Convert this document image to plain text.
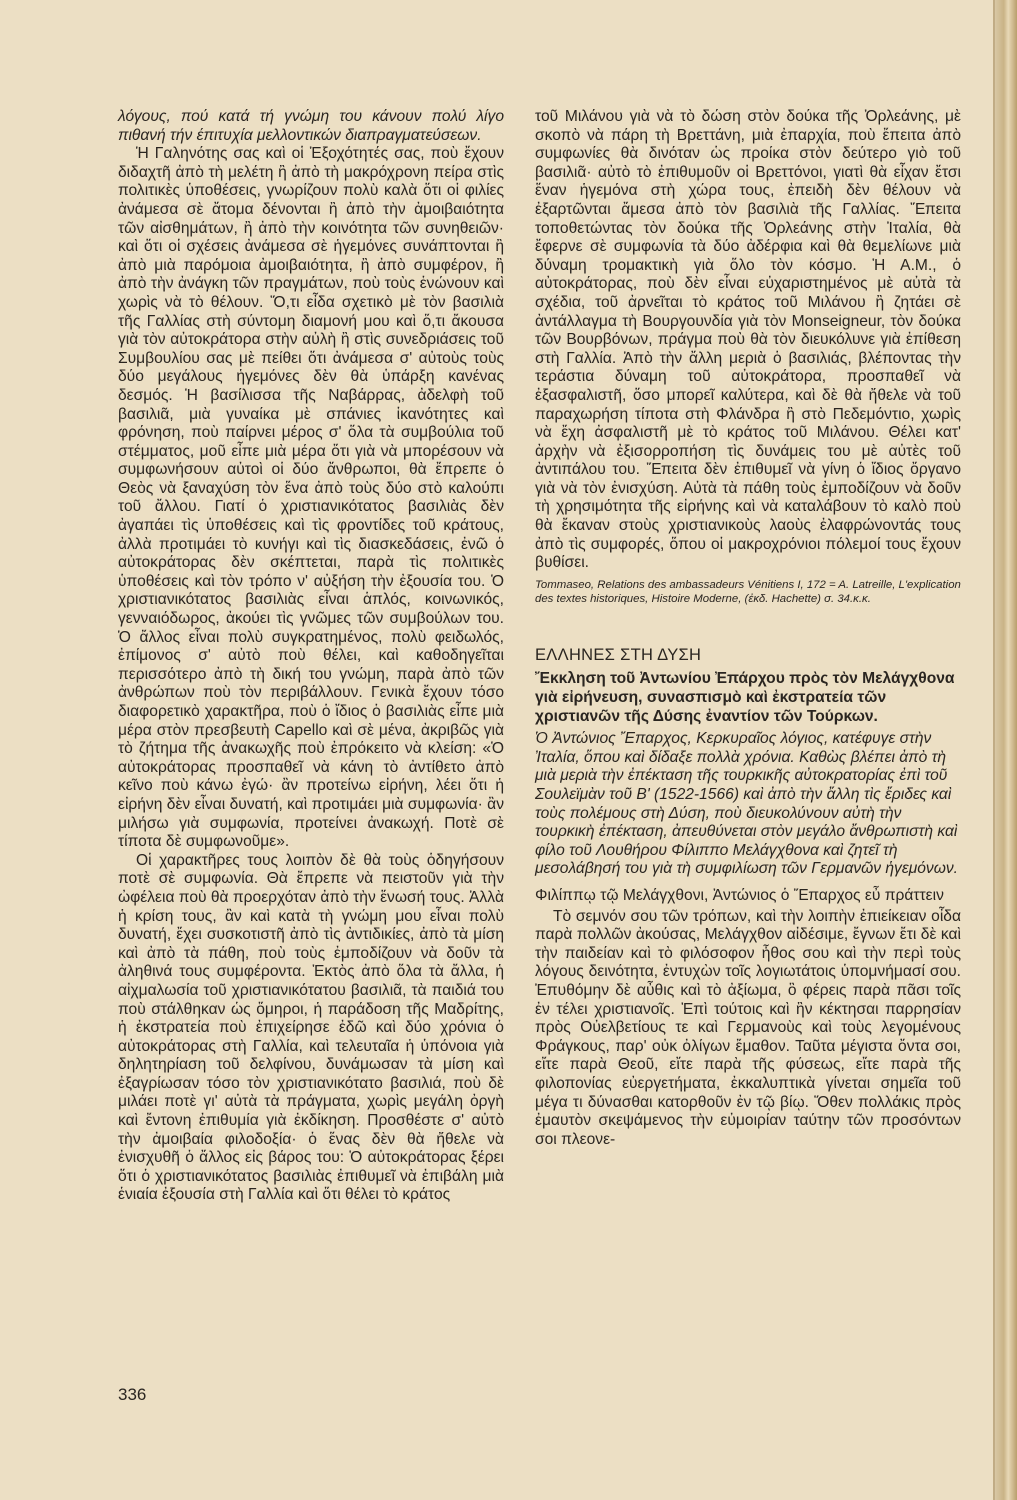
λόγους, πού κατά τή γνώμη του κάνουν πολύ λίγο πιθανή τήν έπιτυχία μελλοντικών διαπραγματεύσεων.

Ἡ Γαληνότης σας καὶ οἱ Ἐξοχότητές σας, ποὺ ἔχουν διδαχτῆ ἀπὸ τὴ μελέτη ἢ ἀπὸ τὴ μακρόχρονη πείρα στὶς πολιτικὲς ὑποθέσεις, γνωρίζουν πολὺ καλὰ ὅτι οἱ φιλίες ἀνάμεσα σὲ ἄτομα δένονται ἢ ἀπὸ τὴν ἀμοιβαιότητα τῶν αἰσθημάτων, ἢ ἀπὸ τὴν κοινότητα τῶν συνηθειῶν· καὶ ὅτι οἱ σχέσεις ἀνάμεσα σὲ ἡγεμόνες συνάπτονται ἢ ἀπὸ μιὰ παρόμοια ἀμοιβαιότητα, ἢ ἀπὸ συμφέρον, ἢ ἀπὸ τὴν ἀνάγκη τῶν πραγμάτων, ποὺ τοὺς ἑνώνουν καὶ χωρὶς νὰ τὸ θέλουν. Ὅ,τι εἶδα σχετικὸ μὲ τὸν βασιλιὰ τῆς Γαλλίας στὴ σύντομη διαμονή μου καὶ ὅ,τι ἄκουσα γιὰ τὸν αὐτοκράτορα στὴν αὐλὴ ἢ στὶς συνεδριάσεις τοῦ Συμβουλίου σας μὲ πείθει ὅτι ἀνάμεσα σ' αὐτοὺς τοὺς δύο μεγάλους ἡγεμόνες δὲν θὰ ὑπάρξη κανένας δεσμός. Ἡ βασίλισσα τῆς Ναβάρρας, ἀδελφὴ τοῦ βασιλιᾶ, μιὰ γυναίκα μὲ σπάνιες ἱκανότητες καὶ φρόνηση, ποὺ παίρνει μέρος σ' ὅλα τὰ συμβούλια τοῦ στέμματος, μοῦ εἶπε μιὰ μέρα ὅτι γιὰ νὰ μπορέσουν νὰ συμφωνήσουν αὐτοὶ οἱ δύο ἄνθρωποι, θὰ ἔπρεπε ὁ Θεὸς νὰ ξαναχύση τὸν ἕνα ἀπὸ τοὺς δύο στὸ καλούπι τοῦ ἄλλου. Γιατί ὁ χριστιανικότατος βασιλιὰς δὲν ἀγαπάει τὶς ὑποθέσεις καὶ τὶς φροντίδες τοῦ κράτους, ἀλλὰ προτιμάει τὸ κυνήγι καὶ τὶς διασκεδάσεις, ἐνῶ ὁ αὐτοκράτορας δὲν σκέπτεται, παρὰ τὶς πολιτικὲς ὑποθέσεις καὶ τὸν τρόπο ν' αὐξήση τὴν ἐξουσία του. Ὁ χριστιανικότατος βασιλιὰς εἶναι ἁπλός, κοινωνικός, γενναιόδωρος, ἀκούει τὶς γνῶμες τῶν συμβούλων του. Ὁ ἄλλος εἶναι πολὺ συγκρατημένος, πολὺ φειδωλός, ἐπίμονος σ' αὐτὸ ποὺ θέλει, καὶ καθοδηγεῖται περισσότερο ἀπὸ τὴ δική του γνώμη, παρὰ ἀπὸ τῶν ἀνθρώπων ποὺ τὸν περιβάλλουν. Γενικὰ ἔχουν τόσο διαφορετικὸ χαρακτῆρα, ποὺ ὁ ἴδιος ὁ βασιλιὰς εἶπε μιὰ μέρα στὸν πρεσβευτὴ Capello καὶ σὲ μένα, ἀκριβῶς γιὰ τὸ ζήτημα τῆς ἀνακωχῆς ποὺ ἐπρόκειτο νὰ κλείση: «Ὁ αὐτοκράτορας προσπαθεῖ νὰ κάνη τὸ ἀντίθετο ἀπὸ κεῖνο ποὺ κάνω ἐγώ· ἂν προτείνω εἰρήνη, λέει ὅτι ἡ εἰρήνη δὲν εἶναι δυνατή, καὶ προτιμάει μιὰ συμφωνία· ἂν μιλήσω γιὰ συμφωνία, προτείνει ἀνακωχή. Ποτὲ σὲ τίποτα δὲ συμφωνοῦμε».

Οἱ χαρακτῆρες τους λοιπὸν δὲ θὰ τοὺς ὁδηγήσουν ποτὲ σὲ συμφωνία. Θὰ ἔπρεπε νὰ πειστοῦν γιὰ τὴν ὠφέλεια ποὺ θὰ προερχόταν ἀπὸ τὴν ἕνωσή τους. Ἀλλὰ ἡ κρίση τους, ἂν καὶ κατὰ τὴ γνώμη μου εἶναι πολὺ δυνατή, ἔχει συσκοτιστῆ ἀπὸ τὶς ἀντιδικίες, ἀπὸ τὰ μίση καὶ ἀπὸ τὰ πάθη, ποὺ τοὺς ἐμποδίζουν νὰ δοῦν τὰ ἀληθινά τους συμφέροντα. Ἐκτὸς ἀπὸ ὅλα τὰ ἄλλα, ἡ αἰχμαλωσία τοῦ χριστιανικότατου βασιλιᾶ, τὰ παιδιά του ποὺ στάλθηκαν ὡς ὅμηροι, ἡ παράδοση τῆς Μαδρίτης, ἡ ἐκστρατεία ποὺ ἐπιχείρησε ἐδῶ καὶ δύο χρόνια ὁ αὐτοκράτορας στὴ Γαλλία, καὶ τελευταῖα ἡ ὑπόνοια γιὰ δηλητηρίαση τοῦ δελφίνου, δυνάμωσαν τὰ μίση καὶ ἐξαγρίωσαν τόσο τὸν χριστιανικότατο βασιλιά, ποὺ δὲ μιλάει ποτὲ γι' αὐτὰ τὰ πράγματα, χωρὶς μεγάλη ὀργὴ καὶ ἔντονη ἐπιθυμία γιὰ ἐκδίκηση. Προσθέστε σ' αὐτὸ τὴν ἀμοιβαία φιλοδοξία· ὁ ἕνας δὲν θὰ ἤθελε νὰ ἐνισχυθῆ ὁ ἄλλος εἰς βάρος του: Ὁ αὐτοκράτορας ξέρει ὅτι ὁ χριστιανικότατος βασιλιὰς ἐπιθυμεῖ νὰ ἐπιβάλη μιὰ ἑνιαία ἐξουσία στὴ Γαλλία καὶ ὅτι θέλει τὸ κράτος

336

τοῦ Μιλάνου γιὰ νὰ τὸ δώση στὸν δούκα τῆς Ὀρλεάνης, μὲ σκοπὸ νὰ πάρη τὴ Βρεττάνη, μιὰ ἐπαρχία, ποὺ ἔπειτα ἀπὸ συμφωνίες θὰ δινόταν ὡς προίκα στὸν δεύτερο γιὸ τοῦ βασιλιᾶ· αὐτὸ τὸ ἐπιθυμοῦν οἱ Βρεττόνοι, γιατὶ θὰ εἶχαν ἔτσι ἕναν ἡγεμόνα στὴ χώρα τους, ἐπειδὴ δὲν θέλουν νὰ ἐξαρτῶνται ἄμεσα ἀπὸ τὸν βασιλιὰ τῆς Γαλλίας. Ἔπειτα τοποθετώντας τὸν δούκα τῆς Ὀρλεάνης στὴν Ἰταλία, θὰ ἔφερνε σὲ συμφωνία τὰ δύο ἀδέρφια καὶ θὰ θεμελίωνε μιὰ δύναμη τρομακτικὴ γιὰ ὅλο τὸν κόσμο. Ἡ Α.Μ., ὁ αὐτοκράτορας, ποὺ δὲν εἶναι εὐχαριστημένος μὲ αὐτὰ τὰ σχέδια, τοῦ ἀρνεῖται τὸ κράτος τοῦ Μιλάνου ἢ ζητάει σὲ ἀντάλλαγμα τὴ Βουργουνδία γιὰ τὸν Monseigneur, τὸν δούκα τῶν Βουρβόνων, πράγμα ποὺ θὰ τὸν διευκόλυνε γιὰ ἐπίθεση στὴ Γαλλία. Ἀπὸ τὴν ἄλλη μεριὰ ὁ βασιλιάς, βλέποντας τὴν τεράστια δύναμη τοῦ αὐτοκράτορα, προσπαθεῖ νὰ ἐξασφαλιστῆ, ὅσο μπορεῖ καλύτερα, καὶ δὲ θὰ ἤθελε νὰ τοῦ παραχωρήση τίποτα στὴ Φλάνδρα ἢ στὸ Πεδεμόντιο, χωρὶς νὰ ἔχη ἀσφαλιστῆ μὲ τὸ κράτος τοῦ Μιλάνου. Θέλει κατ' ἀρχὴν νὰ ἐξισορροπήση τὶς δυνάμεις του μὲ αὐτὲς τοῦ ἀντιπάλου του. Ἔπειτα δὲν ἐπιθυμεῖ νὰ γίνη ὁ ἴδιος ὄργανο γιὰ νὰ τὸν ἐνισχύση. Αὐτὰ τὰ πάθη τοὺς ἐμποδίζουν νὰ δοῦν τὴ χρησιμότητα τῆς εἰρήνης καὶ νὰ καταλάβουν τὸ καλὸ ποὺ θὰ ἔκαναν στοὺς χριστιανικοὺς λαοὺς ἐλαφρώνοντάς τους ἀπὸ τὶς συμφορές, ὅπου οἱ μακροχρόνιοι πόλεμοί τους ἔχουν βυθίσει.

Tommaseo, Relations des ambassadeurs Vénitiens I, 172 = A. Latreille, L'explication des textes historiques, Histoire Moderne, (ἐκδ. Hachette) σ. 34.κ.κ.

ΕΛΛΗΝΕΣ ΣΤΗ ΔΥΣΗ

Ἔκκληση τοῦ Ἀντωνίου Ἐπάρχου πρὸς τὸν Μελάγχθονα γιὰ εἰρήνευση, συνασπισμὸ καὶ ἐκστρατεία τῶν χριστιανῶν τῆς Δύσης ἐναντίον τῶν Τούρκων.

Ὁ Ἀντώνιος Ἔπαρχος, Κερκυραῖος λόγιος, κατέφυγε στὴν Ἰταλία, ὅπου καὶ δίδαξε πολλὰ χρόνια. Καθὼς βλέπει ἀπὸ τὴ μιὰ μεριὰ τὴν ἐπέκταση τῆς τουρκικῆς αὐτοκρατορίας ἐπὶ τοῦ Σουλεϊμὰν τοῦ Β' (1522-1566) καὶ ἀπὸ τὴν ἄλλη τὶς ἔριδες καὶ τοὺς πολέμους στὴ Δύση, ποὺ διευκολύνουν αὐτὴ τὴν τουρκικὴ ἐπέκταση, ἀπευθύνεται στὸν μεγάλο ἄνθρωπιστὴ καὶ φίλο τοῦ Λουθήρου Φίλιππο Μελάγχθονα καὶ ζητεῖ τὴ μεσολάβησή του γιὰ τὴ συμφιλίωση τῶν Γερμανῶν ἡγεμόνων.

Φιλίππῳ τῷ Μελάγχθονι, Ἀντώνιος ὁ Ἔπαρχος εὖ πράττειν

Τὸ σεμνόν σου τῶν τρόπων, καὶ τὴν λοιπὴν ἐπιείκειαν οἶδα παρὰ πολλῶν ἀκούσας, Μελάγχθον αἰδέσιμε, ἔγνων ἔτι δὲ καὶ τὴν παιδείαν καὶ τὸ φιλόσοφον ἦθος σου καὶ τὴν περὶ τοὺς λόγους δεινότητα, ἐντυχὼν τοῖς λογιωτάτοις ὑπομνήμασί σου. Ἐπυθόμην δὲ αὖθις καὶ τὸ ἀξίωμα, ὃ φέρεις παρὰ πᾶσι τοῖς ἐν τέλει χριστιανοῖς. Ἐπὶ τούτοις καὶ ἣν κέκτησαι παρρησίαν πρὸς Οὐελβετίους τε καὶ Γερμανοὺς καὶ τοὺς λεγομένους Φράγκους, παρ' οὐκ ὀλίγων ἔμαθον. Ταῦτα μέγιστα ὄντα σοι, εἴτε παρὰ Θεοῦ, εἴτε παρὰ τῆς φύσεως, εἴτε παρὰ τῆς φιλοπονίας εὐεργετήματα, ἐκκαλυπτικὰ γίνεται σημεῖα τοῦ μέγα τι δύνασθαι κατορθοῦν ἐν τῷ βίῳ. Ὅθεν πολλάκις πρὸς ἐμαυτὸν σκεψάμενος τὴν εὐμοιρίαν ταύτην τῶν προσόντων σοι πλεονε-
